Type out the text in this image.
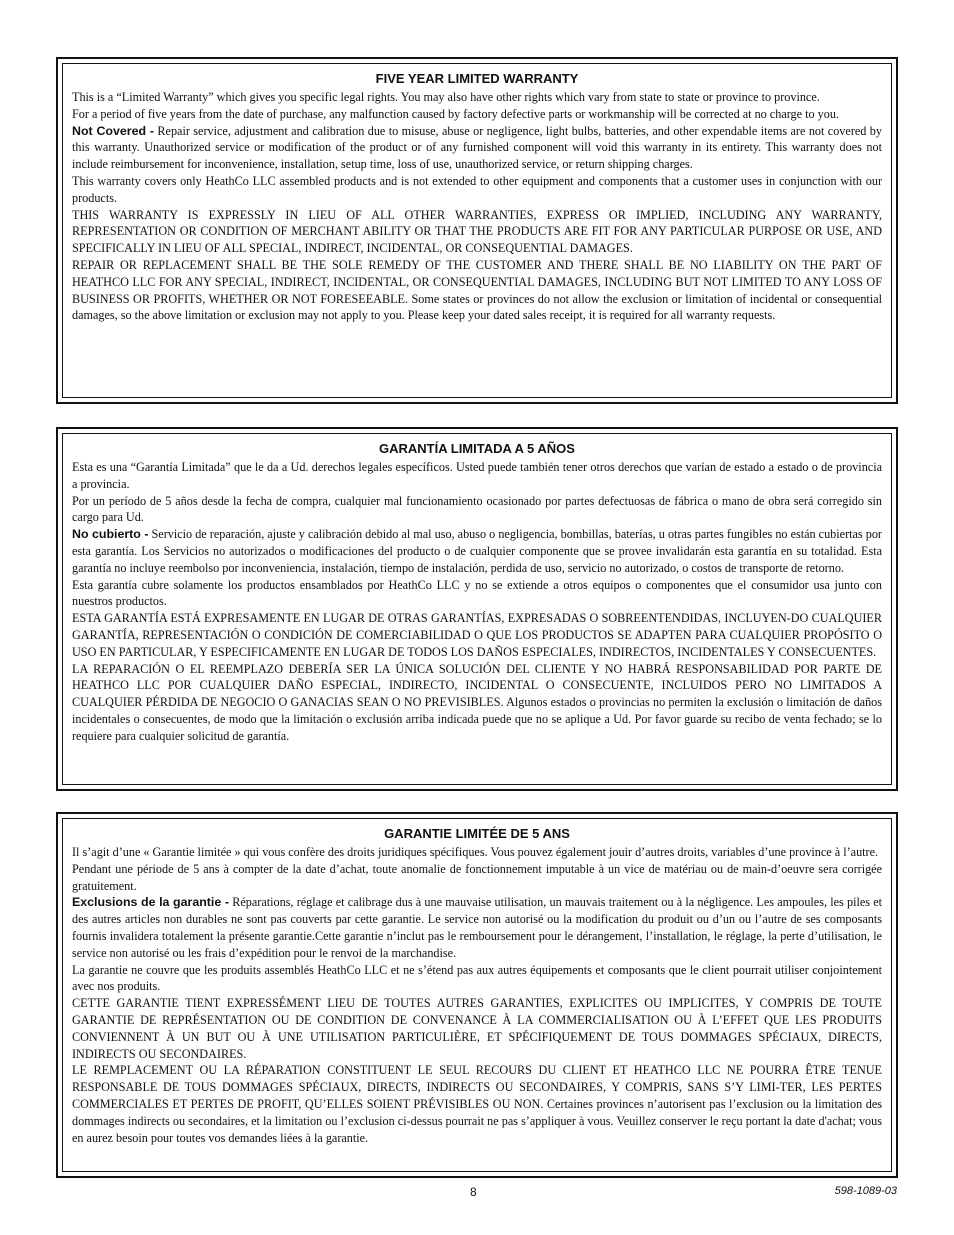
FIVE YEAR LIMITED WARRANTY

This is a “Limited Warranty” which gives you specific legal rights. You may also have other rights which vary from state to state or province to province.

For a period of five years from the date of purchase, any malfunction caused by factory defective parts or workmanship will be corrected at no charge to you.

Not Covered - Repair service, adjustment and calibration due to misuse, abuse or negligence, light bulbs, batteries, and other expendable items are not covered by this warranty. Unauthorized service or modification of the product or of any furnished component will void this warranty in its entirety. This warranty does not include reimbursement for inconvenience, installation, setup time, loss of use, unauthorized service, or return shipping charges.

This warranty covers only HeathCo LLC assembled products and is not extended to other equipment and components that a customer uses in conjunction with our products.

THIS WARRANTY IS EXPRESSLY IN LIEU OF ALL OTHER WARRANTIES, EXPRESS OR IMPLIED, INCLUDING ANY WARRANTY, REPRESENTATION OR CONDITION OF MERCHANT ABILITY OR THAT THE PRODUCTS ARE FIT FOR ANY PARTICULAR PURPOSE OR USE, AND SPECIFICALLY IN LIEU OF ALL SPECIAL, INDIRECT, INCIDENTAL, OR CONSEQUENTIAL DAMAGES.

REPAIR OR REPLACEMENT SHALL BE THE SOLE REMEDY OF THE CUSTOMER AND THERE SHALL BE NO LIABILITY ON THE PART OF HEATHCO LLC FOR ANY SPECIAL, INDIRECT, INCIDENTAL, OR CONSEQUENTIAL DAMAGES, INCLUDING BUT NOT LIMITED TO ANY LOSS OF BUSINESS OR PROFITS, WHETHER OR NOT FORESEEABLE. Some states or provinces do not allow the exclusion or limitation of incidental or consequential damages, so the above limitation or exclusion may not apply to you. Please keep your dated sales receipt, it is required for all warranty requests.

GARANTÍA LIMITADA A 5 AÑOS

Esta es una “Garantía Limitada” que le da a Ud. derechos legales específicos. Usted puede también tener otros derechos que varían de estado a estado o de provincia a provincia.

Por un período de 5 años desde la fecha de compra, cualquier mal funcionamiento ocasionado por partes defectuosas de fábrica o mano de obra será corregido sin cargo para Ud.

No cubierto - Servicio de reparación, ajuste y calibración debido al mal uso, abuso o negligencia, bombillas, baterías, u otras partes fungibles no están cubiertas por esta garantía. Los Servicios no autorizados o modificaciones del producto o de cualquier componente que se provee invalidarán esta garantía en su totalidad. Esta garantía no incluye reembolso por inconveniencia, instalación, tiempo de instalación, perdida de uso, servicio no autorizado, o costos de transporte de retorno.

Esta garantía cubre solamente los productos ensamblados por HeathCo LLC y no se extiende a otros equipos o componentes que el consumidor usa junto con nuestros productos.

ESTA GARANTÍA ESTÁ EXPRESAMENTE EN LUGAR DE OTRAS GARANTÍAS, EXPRESADAS O SOBREENTENDIDAS, INCLUYEN-DO CUALQUIER GARANTÍA, REPRESENTACIÓN O CONDICIÓN DE COMERCIABILIDAD O QUE LOS PRODUCTOS SE ADAPTEN PARA CUALQUIER PROPÓSITO O USO EN PARTICULAR, Y ESPECIFICAMENTE EN LUGAR DE TODOS LOS DAÑOS ESPECIALES, INDIRECTOS, INCIDENTALES Y CONSECUENTES.

LA REPARACIÓN O EL REEMPLAZO DEBERÍA SER LA ÚNICA SOLUCIÓN DEL CLIENTE Y NO HABRÁ RESPONSABILIDAD POR PARTE DE HEATHCO LLC POR CUALQUIER DAÑO ESPECIAL, INDIRECTO, INCIDENTAL O CONSECUENTE, INCLUIDOS PERO NO LIMITADOS A CUALQUIER PÉRDIDA DE NEGOCIO O GANACIAS SEAN O NO PREVISIBLES. Algunos estados o provincias no permiten la exclusión o limitación de daños incidentales o consecuentes, de modo que la limitación o exclusión arriba indicada puede que no se aplique a Ud. Por favor guarde su recibo de venta fechado; se lo requiere para cualquier solicitud de garantía.

GARANTIE LIMITÉE DE 5 ANS

Il s’agit d’une « Garantie limitée » qui vous confère des droits juridiques spécifiques. Vous pouvez également jouir d’autres droits, variables d’une province à l’autre.

Pendant une période de 5 ans à compter de la date d’achat, toute anomalie de fonctionnement imputable à un vice de matériau ou de main-d’oeuvre sera corrigée gratuitement.

Exclusions de la garantie - Réparations, réglage et calibrage dus à une mauvaise utilisation, un mauvais traitement ou à la négligence. Les ampoules, les piles et des autres articles non durables ne sont pas couverts par cette garantie. Le service non autorisé ou la modification du produit ou d’un ou l’autre de ses composants fournis invalidera totalement la présente garantie.Cette garantie n’inclut pas le remboursement pour le dérangement, l’installation, le réglage, la perte d’utilisation, le service non autorisé ou les frais d’expédition pour le renvoi de la marchandise.

La garantie ne couvre que les produits assemblés HeathCo LLC et ne s’étend pas aux autres équipements et composants que le client pourrait utiliser conjointement avec nos produits.

CETTE GARANTIE TIENT EXPRESSÉMENT LIEU DE TOUTES AUTRES GARANTIES, EXPLICITES OU IMPLICITES, Y COMPRIS DE TOUTE GARANTIE DE REPRÉSENTATION OU DE CONDITION DE CONVENANCE À LA COMMERCIALISATION OU À L’EFFET QUE LES PRODUITS CONVIENNENT À UN BUT OU À UNE UTILISATION PARTICULIÈRE, ET SPÉCIFIQUEMENT DE TOUS DOMMAGES SPÉCIAUX, DIRECTS, INDIRECTS OU SECONDAIRES.

LE REMPLACEMENT OU LA RÉPARATION CONSTITUENT LE SEUL RECOURS DU CLIENT ET HEATHCO LLC NE POURRA ÊTRE TENUE RESPONSABLE DE TOUS DOMMAGES SPÉCIAUX, DIRECTS, INDIRECTS OU SECONDAIRES, Y COMPRIS, SANS S’Y LIMI-TER, LES PERTES COMMERCIALES ET PERTES DE PROFIT, QU’ELLES SOIENT PRÉVISIBLES OU NON. Certaines provinces n’autorisent pas l’exclusion ou la limitation des dommages indirects ou secondaires, et la limitation ou l’exclusion ci-dessus pourrait ne pas s’appliquer à vous. Veuillez conserver le reçu portant la date d'achat; vous en aurez besoin pour toutes vos demandes liées à la garantie.

8	598-1089-03
